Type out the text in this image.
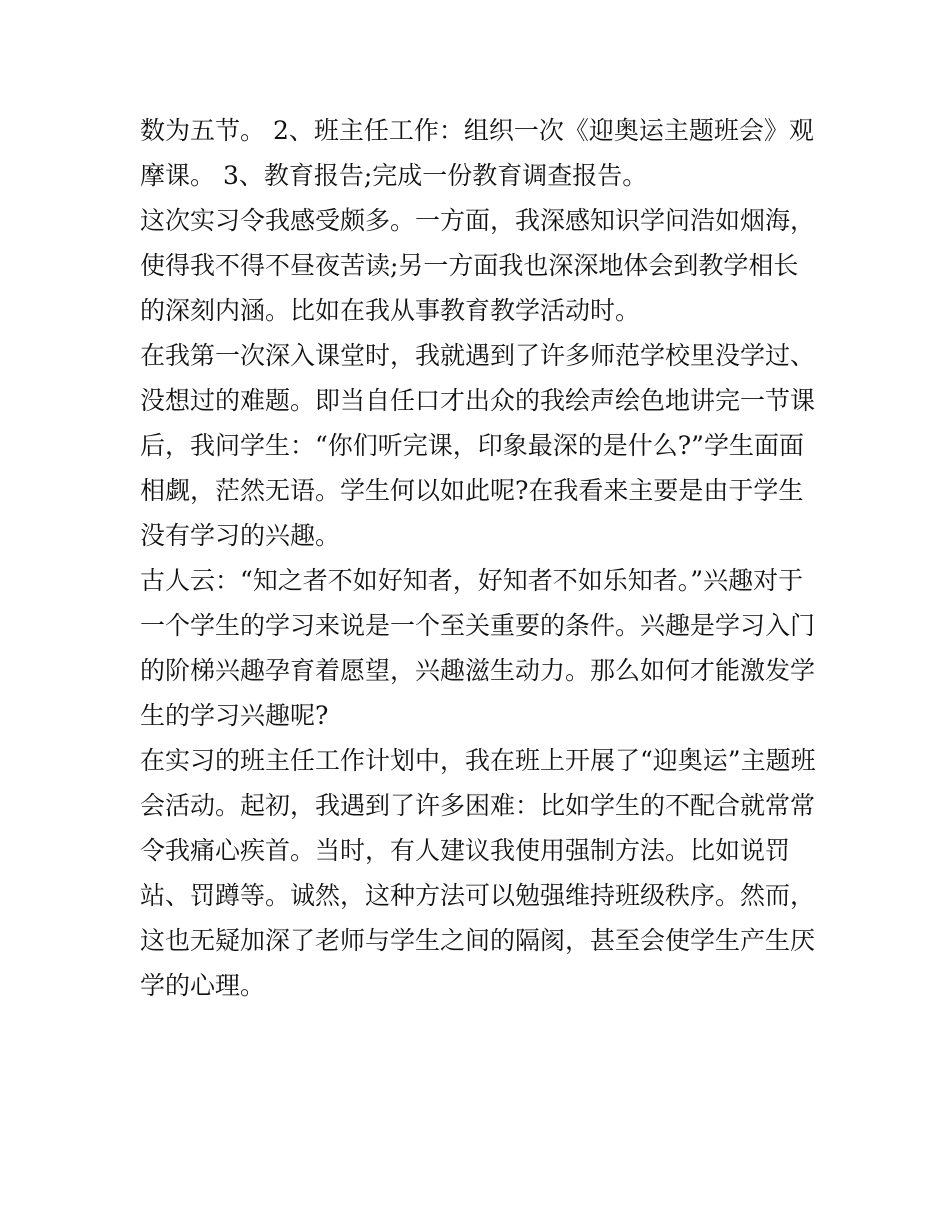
数为五节。 2、班主任工作：组织一次《迎奥运主题班会》观
摩课。 3、教育报告;完成一份教育调查报告。
这次实习令我感受颇多。一方面，我深感知识学问浩如烟海，
使得我不得不昼夜苦读;另一方面我也深深地体会到教学相长
的深刻内涵。比如在我从事教育教学活动时。
在我第一次深入课堂时，我就遇到了许多师范学校里没学过、
没想过的难题。即当自任口才出众的我绘声绘色地讲完一节课
后，我问学生：“你们听完课，印象最深的是什么?”学生面面
相觑，茫然无语。学生何以如此呢?在我看来主要是由于学生
没有学习的兴趣。
古人云：“知之者不如好知者，好知者不如乐知者。”兴趣对于
一个学生的学习来说是一个至关重要的条件。兴趣是学习入门
的阶梯兴趣孕育着愿望，兴趣滋生动力。那么如何才能激发学
生的学习兴趣呢?
在实习的班主任工作计划中，我在班上开展了“迎奥运”主题班
会活动。起初，我遇到了许多困难：比如学生的不配合就常常
令我痛心疾首。当时，有人建议我使用强制方法。比如说罚
站、罚蹲等。诚然，这种方法可以勉强维持班级秩序。然而，
这也无疑加深了老师与学生之间的隔阂，甚至会使学生产生厌
学的心理。
